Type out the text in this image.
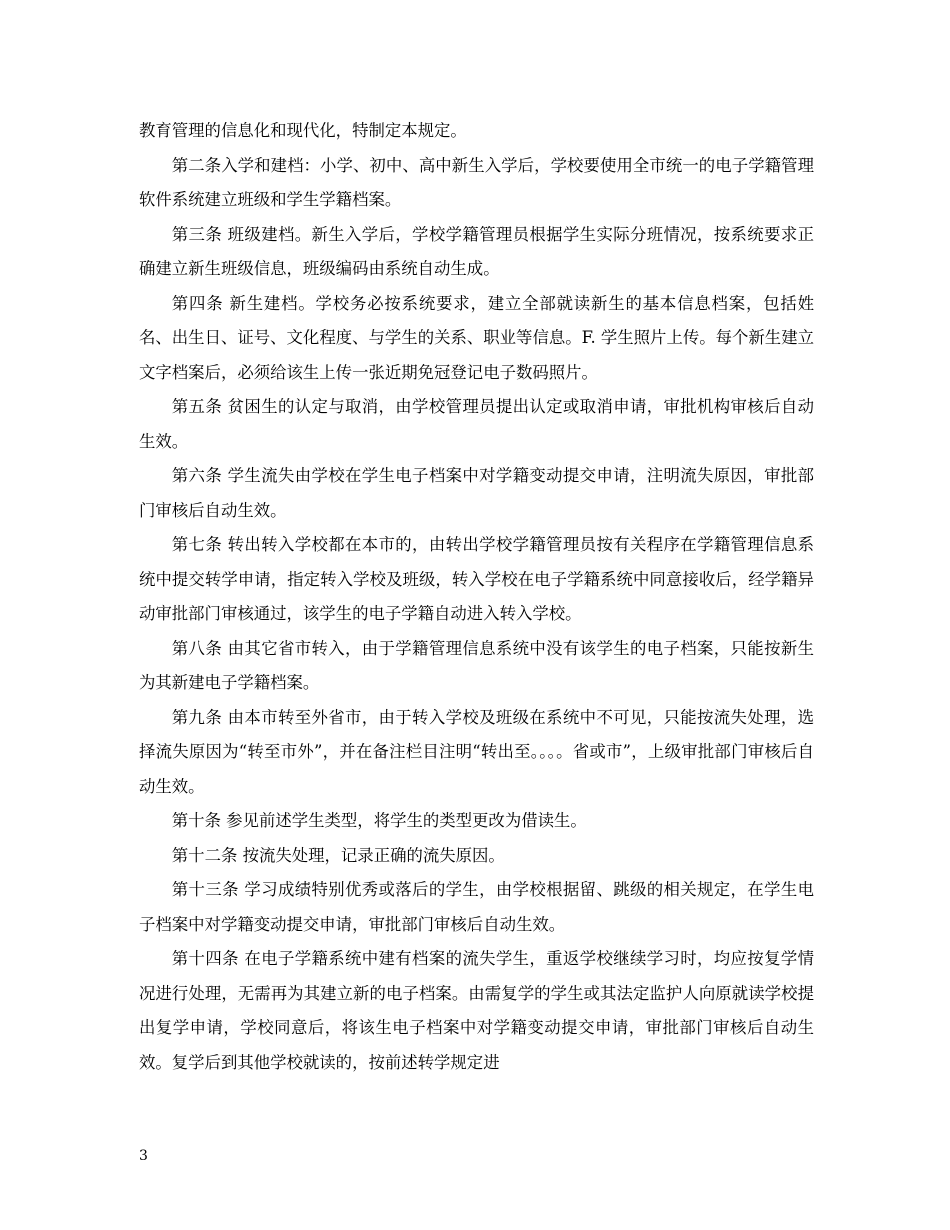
教育管理的信息化和现代化，特制定本规定。

第二条入学和建档：小学、初中、高中新生入学后，学校要使用全市统一的电子学籍管理软件系统建立班级和学生学籍档案。

第三条 班级建档。新生入学后，学校学籍管理员根据学生实际分班情况，按系统要求正确建立新生班级信息，班级编码由系统自动生成。

第四条 新生建档。学校务必按系统要求，建立全部就读新生的基本信息档案，包括姓名、出生日、证号、文化程度、与学生的关系、职业等信息。F. 学生照片上传。每个新生建立文字档案后，必须给该生上传一张近期免冠登记电子数码照片。

第五条 贫困生的认定与取消，由学校管理员提出认定或取消申请，审批机构审核后自动生效。

第六条 学生流失由学校在学生电子档案中对学籍变动提交申请，注明流失原因，审批部门审核后自动生效。

第七条 转出转入学校都在本市的，由转出学校学籍管理员按有关程序在学籍管理信息系统中提交转学申请，指定转入学校及班级，转入学校在电子学籍系统中同意接收后，经学籍异动审批部门审核通过，该学生的电子学籍自动进入转入学校。

第八条 由其它省市转入，由于学籍管理信息系统中没有该学生的电子档案，只能按新生为其新建电子学籍档案。

第九条 由本市转至外省市，由于转入学校及班级在系统中不可见，只能按流失处理，选择流失原因为“转至市外”，并在备注栏目注明“转出至。。。。省或市”，上级审批部门审核后自动生效。

第十条 参见前述学生类型，将学生的类型更改为借读生。

第十二条 按流失处理，记录正确的流失原因。

第十三条 学习成绩特别优秀或落后的学生，由学校根据留、跳级的相关规定，在学生电子档案中对学籍变动提交申请，审批部门审核后自动生效。

第十四条 在电子学籍系统中建有档案的流失学生，重返学校继续学习时，均应按复学情况进行处理，无需再为其建立新的电子档案。由需复学的学生或其法定监护人向原就读学校提出复学申请，学校同意后，将该生电子档案中对学籍变动提交申请，审批部门审核后自动生效。复学后到其他学校就读的，按前述转学规定进

3
